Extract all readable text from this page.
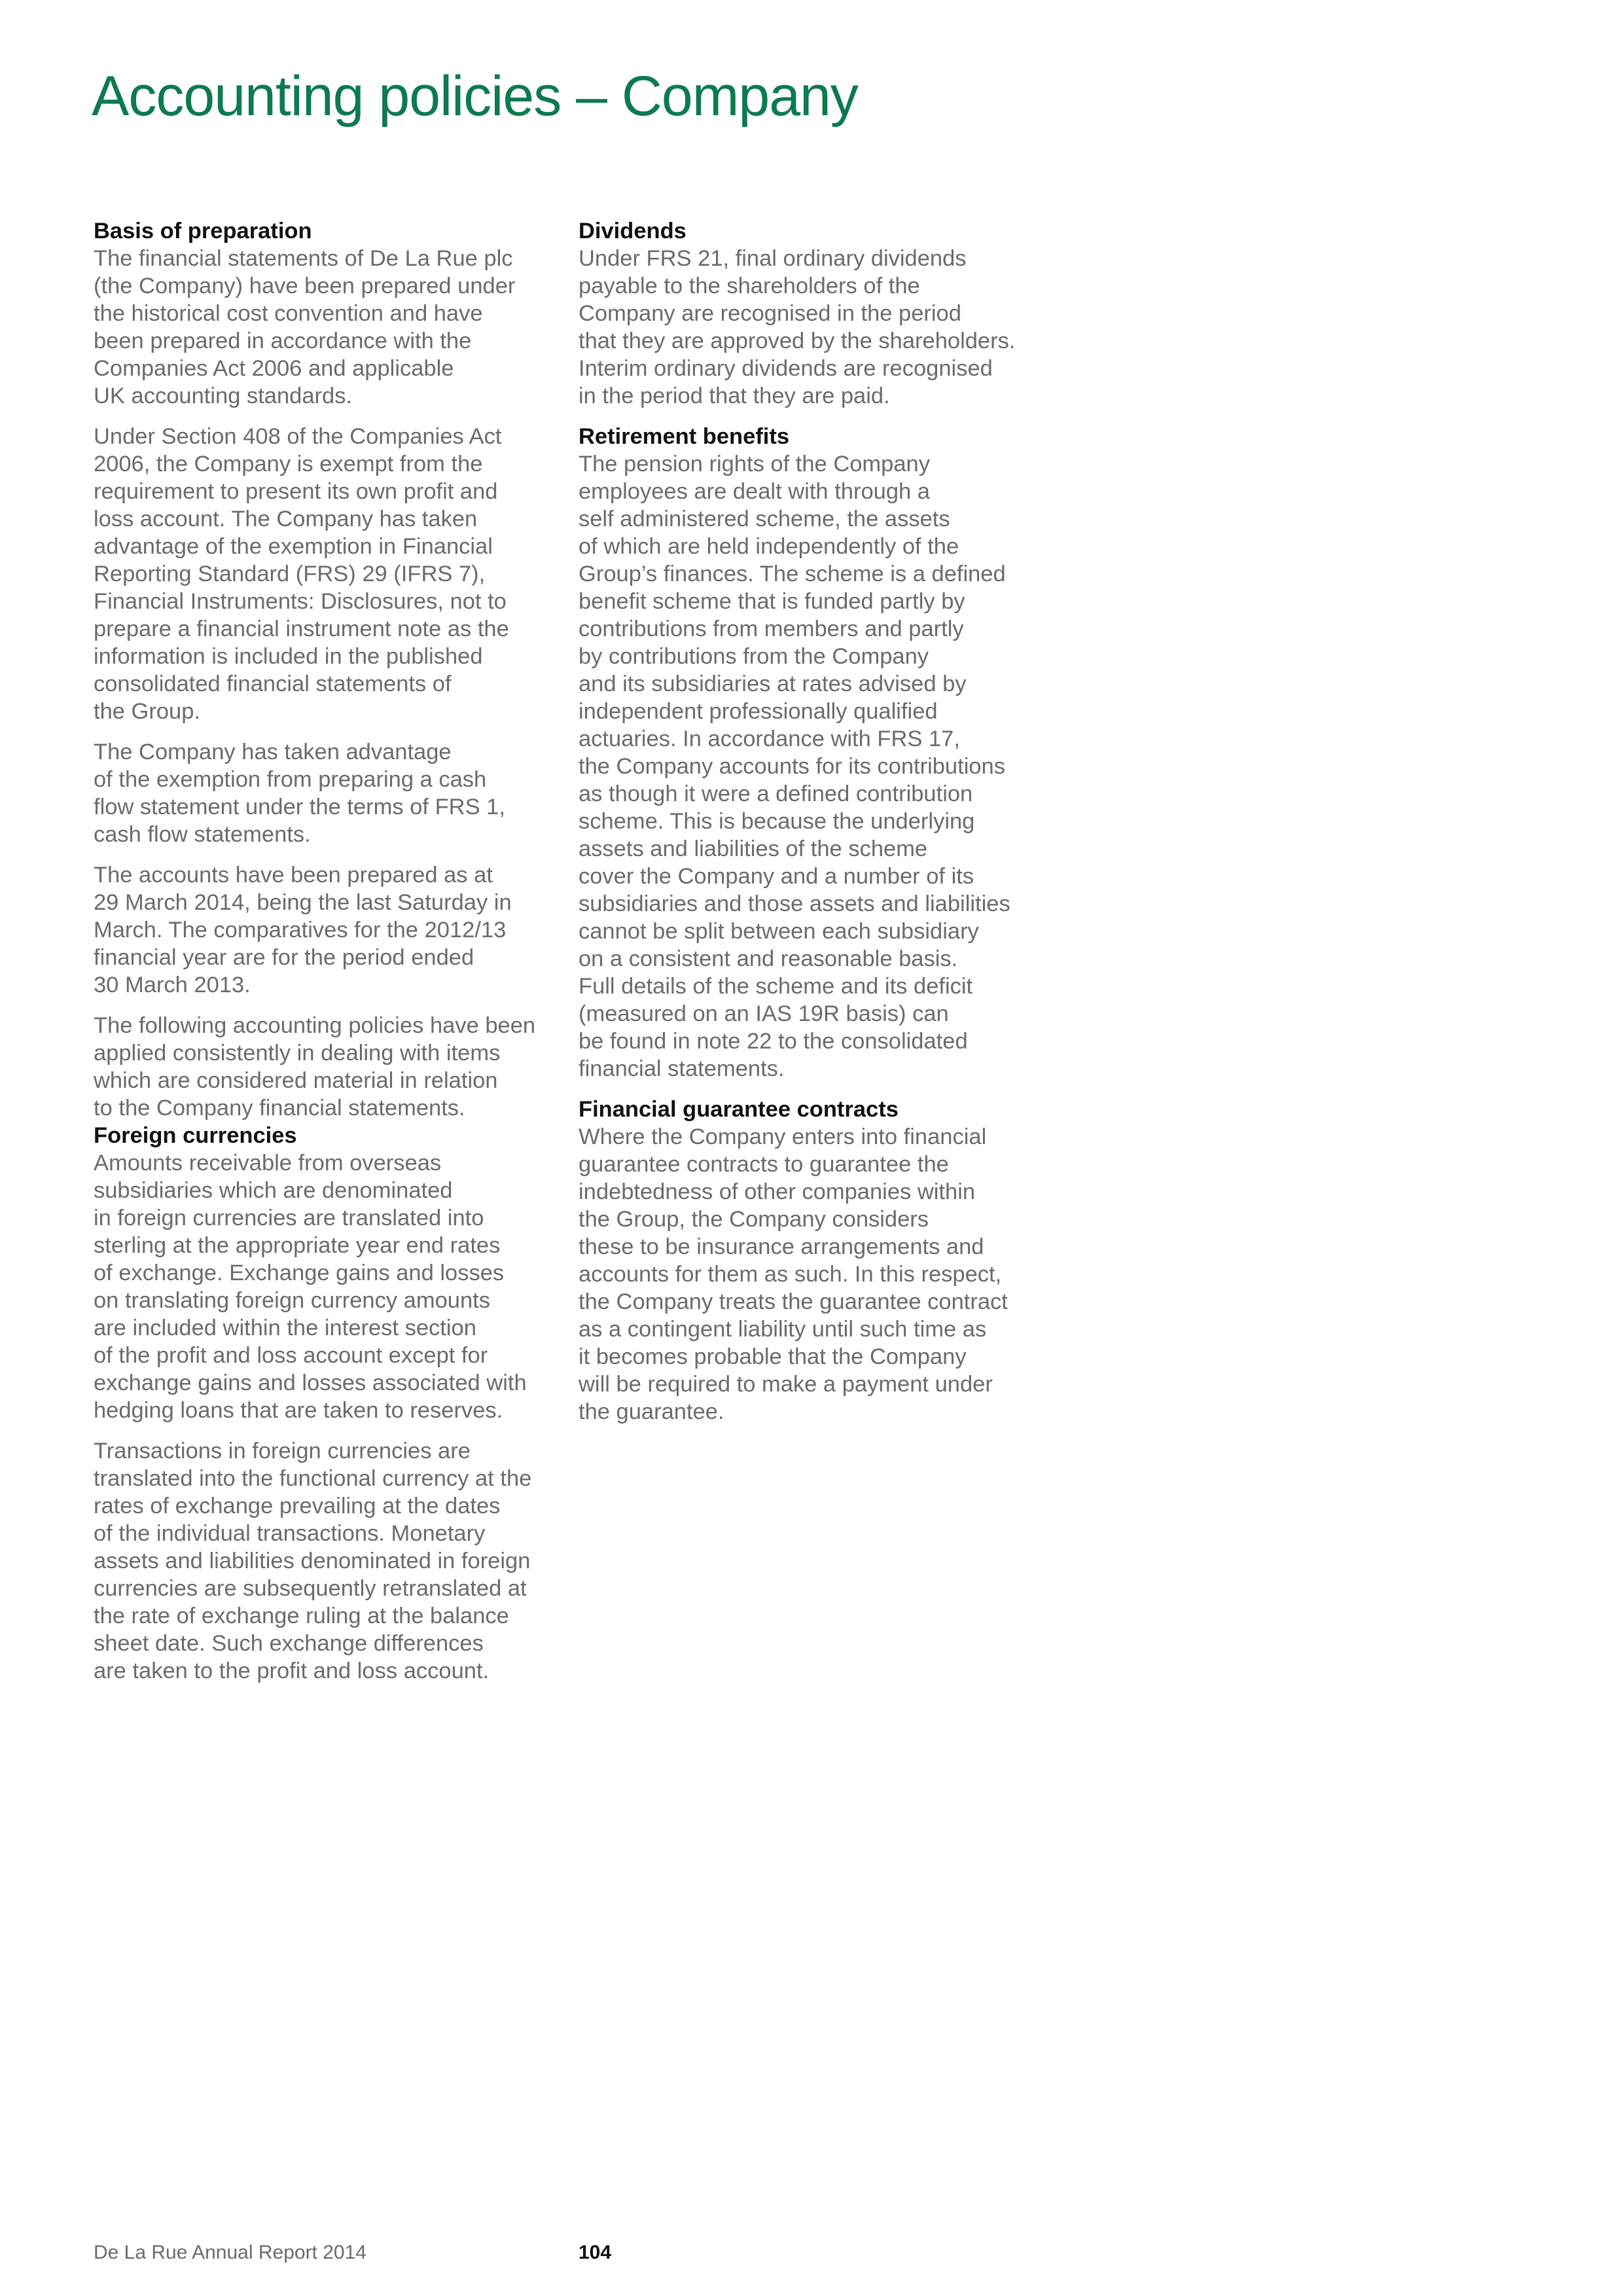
Accounting policies – Company
Basis of preparation

The financial statements of De La Rue plc
(the Company) have been prepared under
the historical cost convention and have
been prepared in accordance with the
Companies Act 2006 and applicable
UK accounting standards.

Under Section 408 of the Companies Act
2006, the Company is exempt from the
requirement to present its own profit and
loss account. The Company has taken
advantage of the exemption in Financial
Reporting Standard (FRS) 29 (IFRS 7),
Financial Instruments: Disclosures, not to
prepare a financial instrument note as the
information is included in the published
consolidated financial statements of
the Group.

The Company has taken advantage
of the exemption from preparing a cash
flow statement under the terms of FRS 1,
cash flow statements.

The accounts have been prepared as at
29 March 2014, being the last Saturday in
March. The comparatives for the 2012/13
financial year are for the period ended
30 March 2013.

The following accounting policies have been
applied consistently in dealing with items
which are considered material in relation
to the Company financial statements.

Foreign currencies

Amounts receivable from overseas
subsidiaries which are denominated
in foreign currencies are translated into
sterling at the appropriate year end rates
of exchange. Exchange gains and losses
on translating foreign currency amounts
are included within the interest section
of the profit and loss account except for
exchange gains and losses associated with
hedging loans that are taken to reserves.

Transactions in foreign currencies are
translated into the functional currency at the
rates of exchange prevailing at the dates
of the individual transactions. Monetary
assets and liabilities denominated in foreign
currencies are subsequently retranslated at
the rate of exchange ruling at the balance
sheet date. Such exchange differences
are taken to the profit and loss account.

Dividends

Under FRS 21, final ordinary dividends
payable to the shareholders of the
Company are recognised in the period
that they are approved by the shareholders.
Interim ordinary dividends are recognised
in the period that they are paid.

Retirement benefits

The pension rights of the Company
employees are dealt with through a
self administered scheme, the assets
of which are held independently of the
Group’s finances. The scheme is a defined
benefit scheme that is funded partly by
contributions from members and partly
by contributions from the Company
and its subsidiaries at rates advised by
independent professionally qualified
actuaries. In accordance with FRS 17,
the Company accounts for its contributions
as though it were a defined contribution
scheme. This is because the underlying
assets and liabilities of the scheme
cover the Company and a number of its
subsidiaries and those assets and liabilities
cannot be split between each subsidiary
on a consistent and reasonable basis.
Full details of the scheme and its deficit
(measured on an IAS 19R basis) can
be found in note 22 to the consolidated
financial statements.

Financial guarantee contracts

Where the Company enters into financial
guarantee contracts to guarantee the
indebtedness of other companies within
the Group, the Company considers
these to be insurance arrangements and
accounts for them as such. In this respect,
the Company treats the guarantee contract
as a contingent liability until such time as
it becomes probable that the Company
will be required to make a payment under
the guarantee.

De La Rue Annual Report 2014	104
